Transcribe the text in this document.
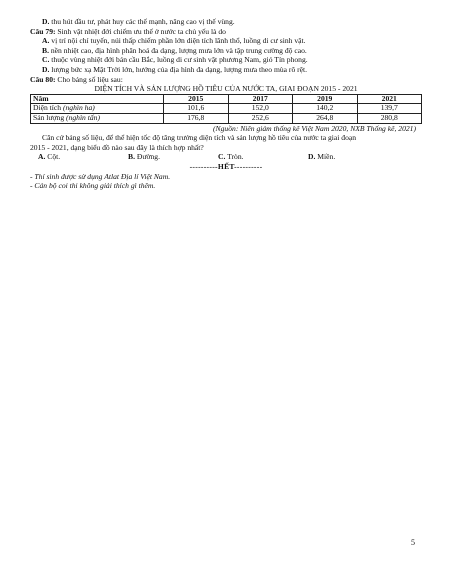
D. thu hút đầu tư, phát huy các thế mạnh, nâng cao vị thế vùng.
Câu 79: Sinh vật nhiệt đới chiếm ưu thế ở nước ta chủ yếu là do
A. vị trí nội chí tuyến, núi thấp chiếm phần lớn diện tích lãnh thổ, luồng di cư sinh vật.
B. nền nhiệt cao, địa hình phân hoá đa dạng, lượng mưa lớn và tập trung cường độ cao.
C. thuộc vùng nhiệt đới bán cầu Bắc, luồng di cư sinh vật phương Nam, gió Tín phong.
D. lượng bức xạ Mặt Trời lớn, hướng của địa hình đa dạng, lượng mưa theo mùa rõ rệt.
Câu 80: Cho bảng số liệu sau:
DIỆN TÍCH VÀ SẢN LƯỢNG HỒ TIÊU CỦA NƯỚC TA, GIAI ĐOẠN 2015 - 2021
Năm	2015	2017	2019	2021
Diện tích (nghìn ha)	101,6	152,0	140,2	139,7
Sản lượng (nghìn tấn)	176,8	252,6	264,8	280,8
(Nguồn: Niên giám thống kê Việt Nam 2020, NXB Thống kê, 2021)
Căn cứ bảng số liệu, để thể hiện tốc độ tăng trưởng diện tích và sản lượng hồ tiêu của nước ta giai đoạn
2015 - 2021, dạng biểu đồ nào sau đây là thích hợp nhất?
A. Cột.	B. Đường.	C. Tròn.	D. Miền.
----------HẾT----------
- Thí sinh được sử dụng Atlat Địa lí Việt Nam.
- Cán bộ coi thi không giải thích gì thêm.
5
